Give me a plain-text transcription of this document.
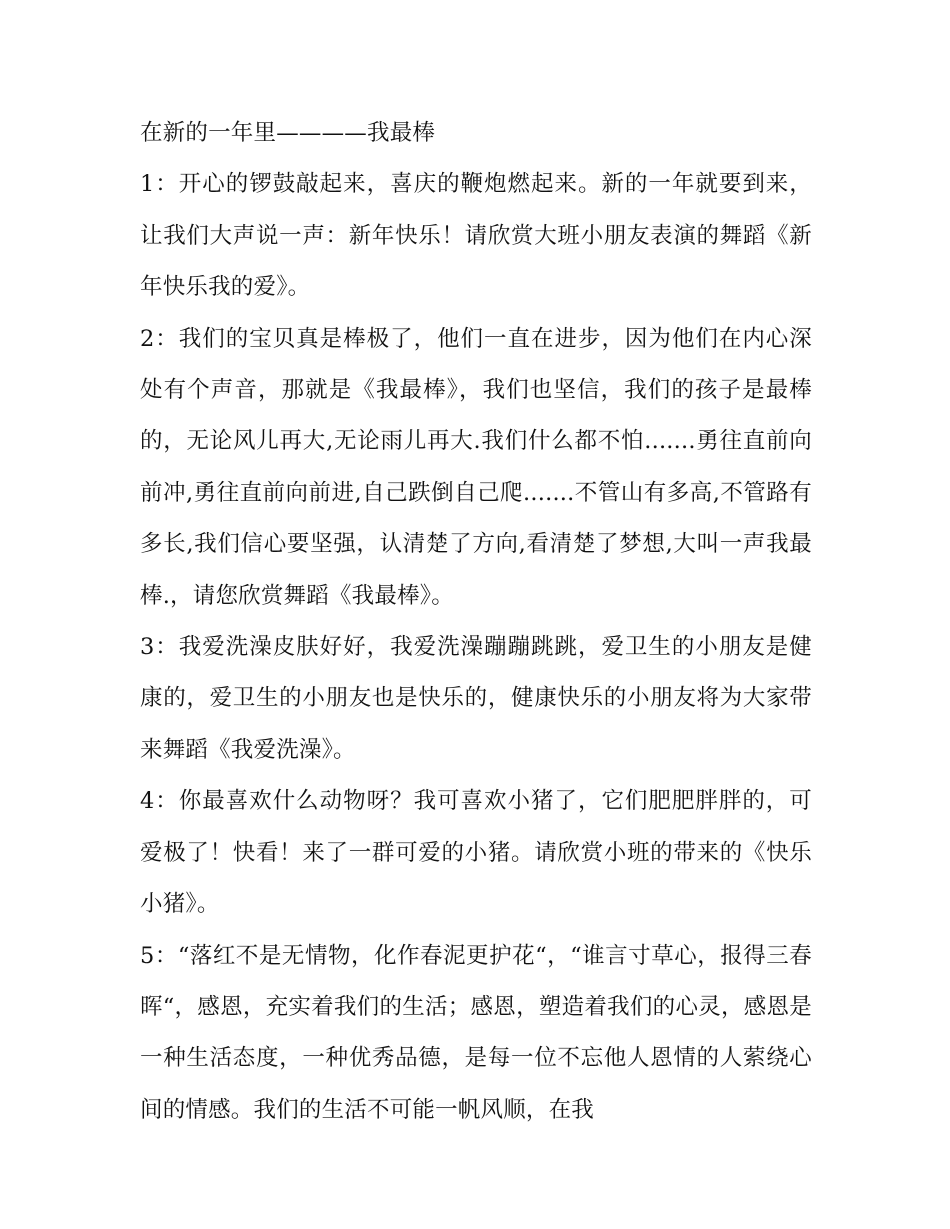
在新的一年里————我最棒

1：开心的锣鼓敲起来，喜庆的鞭炮燃起来。新的一年就要到来，让我们大声说一声：新年快乐！请欣赏大班小朋友表演的舞蹈《新年快乐我的爱》。

2：我们的宝贝真是棒极了，他们一直在进步，因为他们在内心深处有个声音，那就是《我最棒》，我们也坚信，我们的孩子是最棒的，无论风儿再大,无论雨儿再大.我们什么都不怕.......勇往直前向前冲,勇往直前向前进,自己跌倒自己爬.......不管山有多高,不管路有多长,我们信心要坚强，认清楚了方向,看清楚了梦想,大叫一声我最棒.，请您欣赏舞蹈《我最棒》。

3：我爱洗澡皮肤好好，我爱洗澡蹦蹦跳跳，爱卫生的小朋友是健康的，爱卫生的小朋友也是快乐的，健康快乐的小朋友将为大家带来舞蹈《我爱洗澡》。

4：你最喜欢什么动物呀？我可喜欢小猪了，它们肥肥胖胖的，可爱极了！快看！来了一群可爱的小猪。请欣赏小班的带来的《快乐小猪》。

5：“落红不是无情物，化作春泥更护花“，“谁言寸草心，报得三春晖“，感恩，充实着我们的生活；感恩，塑造着我们的心灵，感恩是一种生活态度，一种优秀品德，是每一位不忘他人恩情的人萦绕心间的情感。我们的生活不可能一帆风顺，在我
